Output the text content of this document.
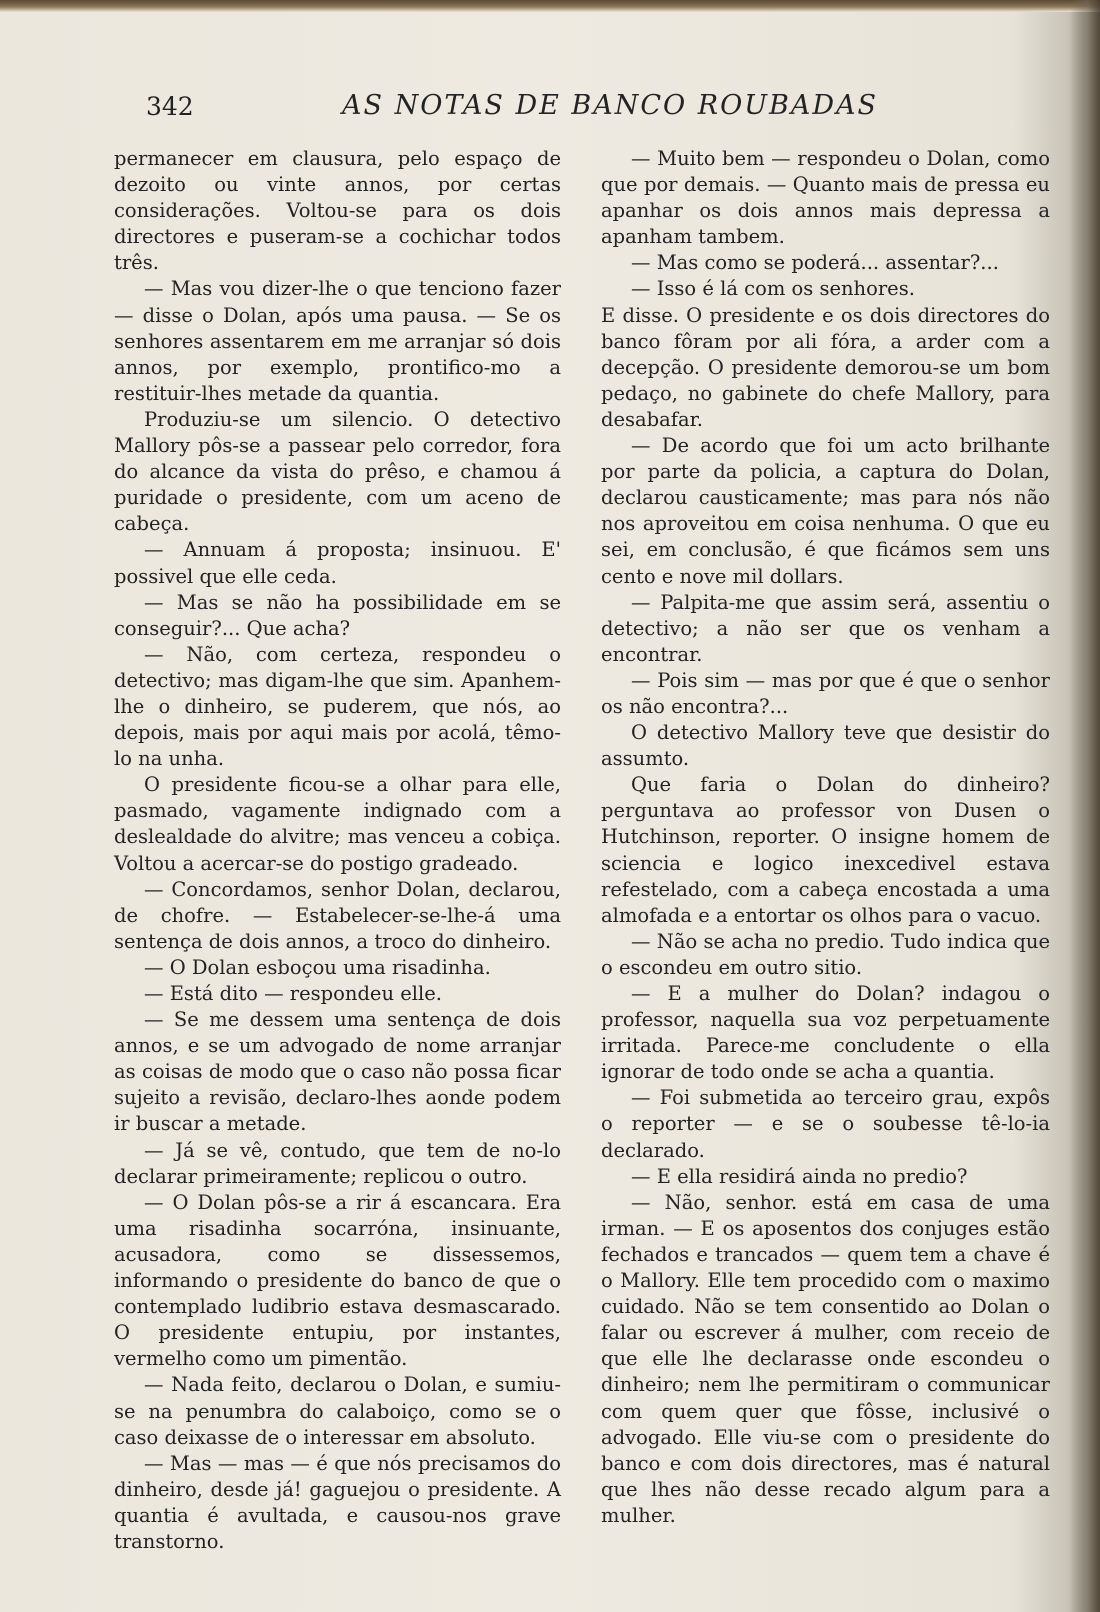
342	AS NOTAS DE BANCO ROUBADAS

permanecer em clausura, pelo espaço de dezoito ou vinte annos, por certas considerações. Voltou-se para os dois directores e puseram-se a cochichar todos três.

— Mas vou dizer-lhe o que tenciono fazer — disse o Dolan, após uma pausa. — Se os senhores assentarem em me arranjar só dois annos, por exemplo, prontifico-mo a restituir-lhes metade da quantia.

Produziu-se um silencio. O detectivo Mallory pôs-se a passear pelo corredor, fora do alcance da vista do prêso, e chamou á puridade o presidente, com um aceno de cabeça.

— Annuam á proposta; insinuou. E' possivel que elle ceda.

— Mas se não ha possibilidade em se conseguir?... Que acha?

— Não, com certeza, respondeu o detectivo; mas digam-lhe que sim. Apanhem-lhe o dinheiro, se puderem, que nós, ao depois, mais por aqui mais por acolá, têmo-lo na unha.

O presidente ficou-se a olhar para elle, pasmado, vagamente indignado com a deslealdade do alvitre; mas venceu a cobiça. Voltou a acercar-se do postigo gradeado.

— Concordamos, senhor Dolan, declarou, de chofre. — Estabelecer-se-lhe-á uma sentença de dois annos, a troco do dinheiro.

— O Dolan esboçou uma risadinha.

— Está dito — respondeu elle.

— Se me dessem uma sentença de dois annos, e se um advogado de nome arranjar as coisas de modo que o caso não possa ficar sujeito a revisão, declaro-lhes aonde podem ir buscar a metade.

— Já se vê, contudo, que tem de no-lo declarar primeiramente; replicou o outro.

— O Dolan pôs-se a rir á escancara. Era uma risadinha socarróna, insinuante, acusadora, como se dissessemos, informando o presidente do banco de que o contemplado ludibrio estava desmascarado. O presidente entupiu, por instantes, vermelho como um pimentão.

— Nada feito, declarou o Dolan, e sumiu-se na penumbra do calaboiço, como se o caso deixasse de o interessar em absoluto.

— Mas — mas — é que nós precisamos do dinheiro, desde já! gaguejou o presidente. A quantia é avultada, e causou-nos grave transtorno.

— Muito bem — respondeu o Dolan, como que por demais. — Quanto mais de pressa eu apanhar os dois annos mais depressa a apanham tambem.

— Mas como se poderá... assentar?...

— Isso é lá com os senhores.

E disse. O presidente e os dois directores do banco fôram por ali fóra, a arder com a decepção. O presidente demorou-se um bom pedaço, no gabinete do chefe Mallory, para desabafar.

— De acordo que foi um acto brilhante por parte da policia, a captura do Dolan, declarou causticamente; mas para nós não nos aproveitou em coisa nenhuma. O que eu sei, em conclusão, é que ficámos sem uns cento e nove mil dollars.

— Palpita-me que assim será, assentiu o detectivo; a não ser que os venham a encontrar.

— Pois sim — mas por que é que o senhor os não encontra?...

O detectivo Mallory teve que desistir do assumto.

Que faria o Dolan do dinheiro? perguntava ao professor von Dusen o Hutchinson, reporter. O insigne homem de sciencia e logico inexcedivel estava refestelado, com a cabeça encostada a uma almofada e a entortar os olhos para o vacuo.

— Não se acha no predio. Tudo indica que o escondeu em outro sitio.

— E a mulher do Dolan? indagou o professor, naquella sua voz perpetuamente irritada. Parece-me concludente o ella ignorar de todo onde se acha a quantia.

— Foi submetida ao terceiro grau, expôs o reporter — e se o soubesse tê-lo-ia declarado.

— E ella residirá ainda no predio?

— Não, senhor. está em casa de uma irman. — E os aposentos dos conjuges estão fechados e trancados — quem tem a chave é o Mallory. Elle tem procedido com o maximo cuidado. Não se tem consentido ao Dolan o falar ou escrever á mulher, com receio de que elle lhe declarasse onde escondeu o dinheiro; nem lhe permitiram o communicar com quem quer que fôsse, inclusivé o advogado. Elle viu-se com o presidente do banco e com dois directores, mas é natural que lhes não desse recado algum para a mulher.
